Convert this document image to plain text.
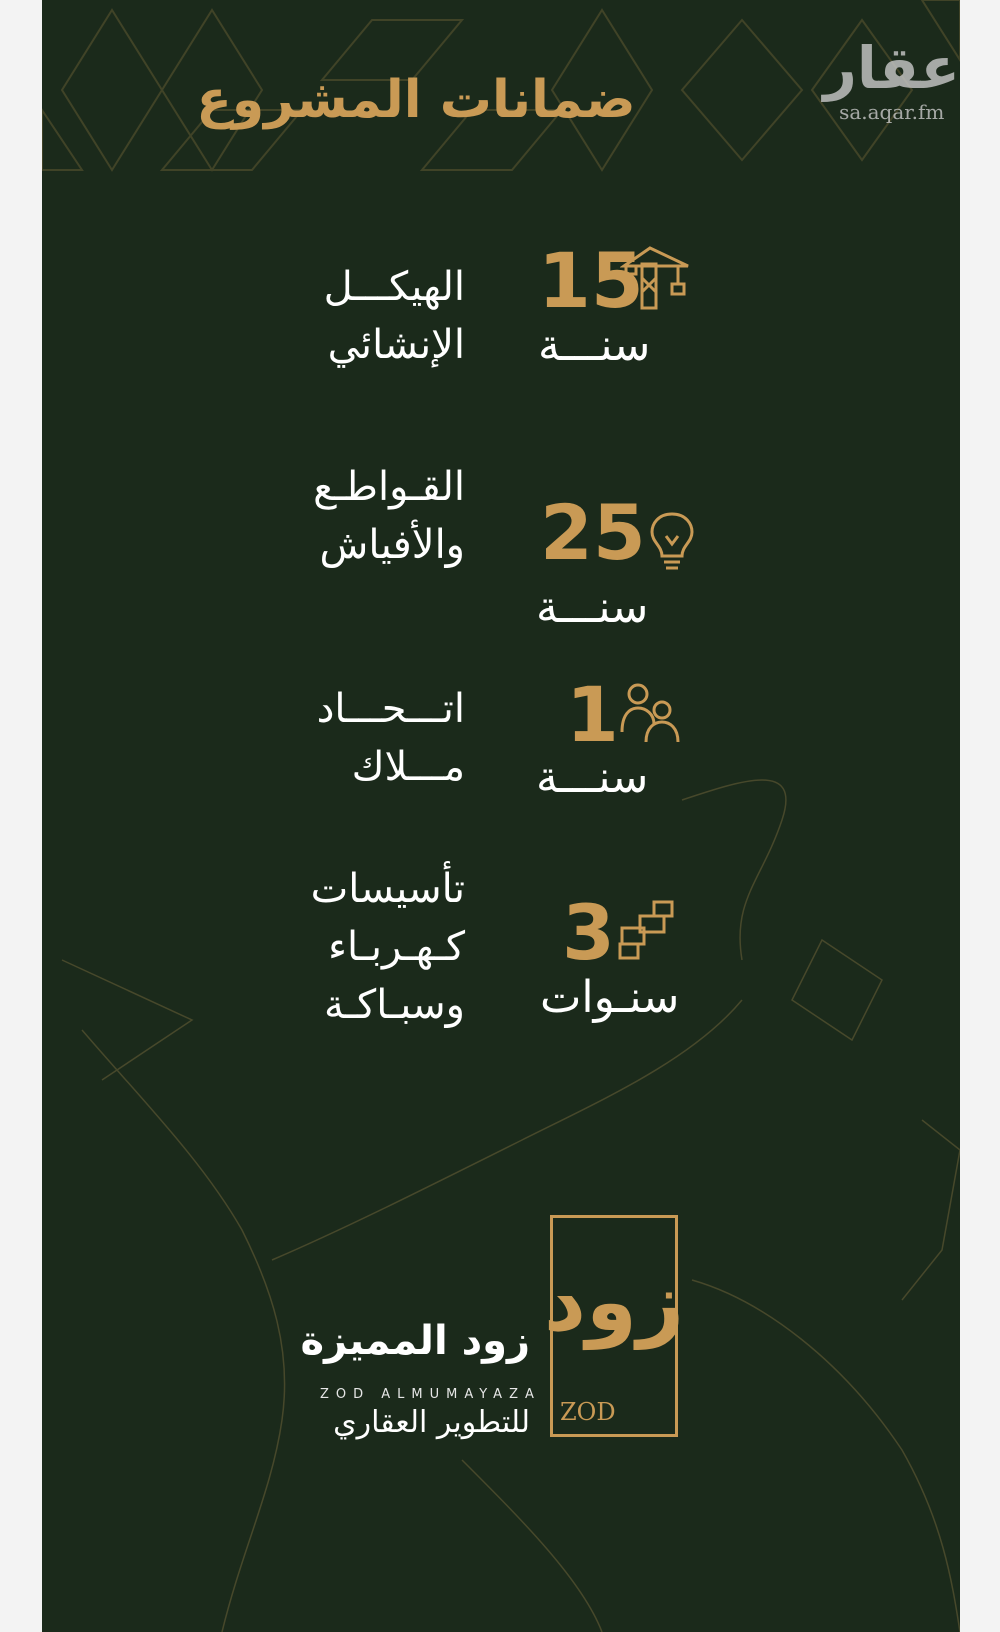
ضمانات المشروع
الهيكـــل
الإنشائي
15
سنـــة
القـواطـع
والأفياش 25
سنـــة
اتـــحـــاد
مـــلاك
1
سنـــة
تأسيسات
كـهـربـاء
وسبـاكـة
3
سنـوات
زود
ZOD
زود المميزة
ZOD ALMUMAYAZA
للتطوير العقاري
عقار
sa.aqar.fm
